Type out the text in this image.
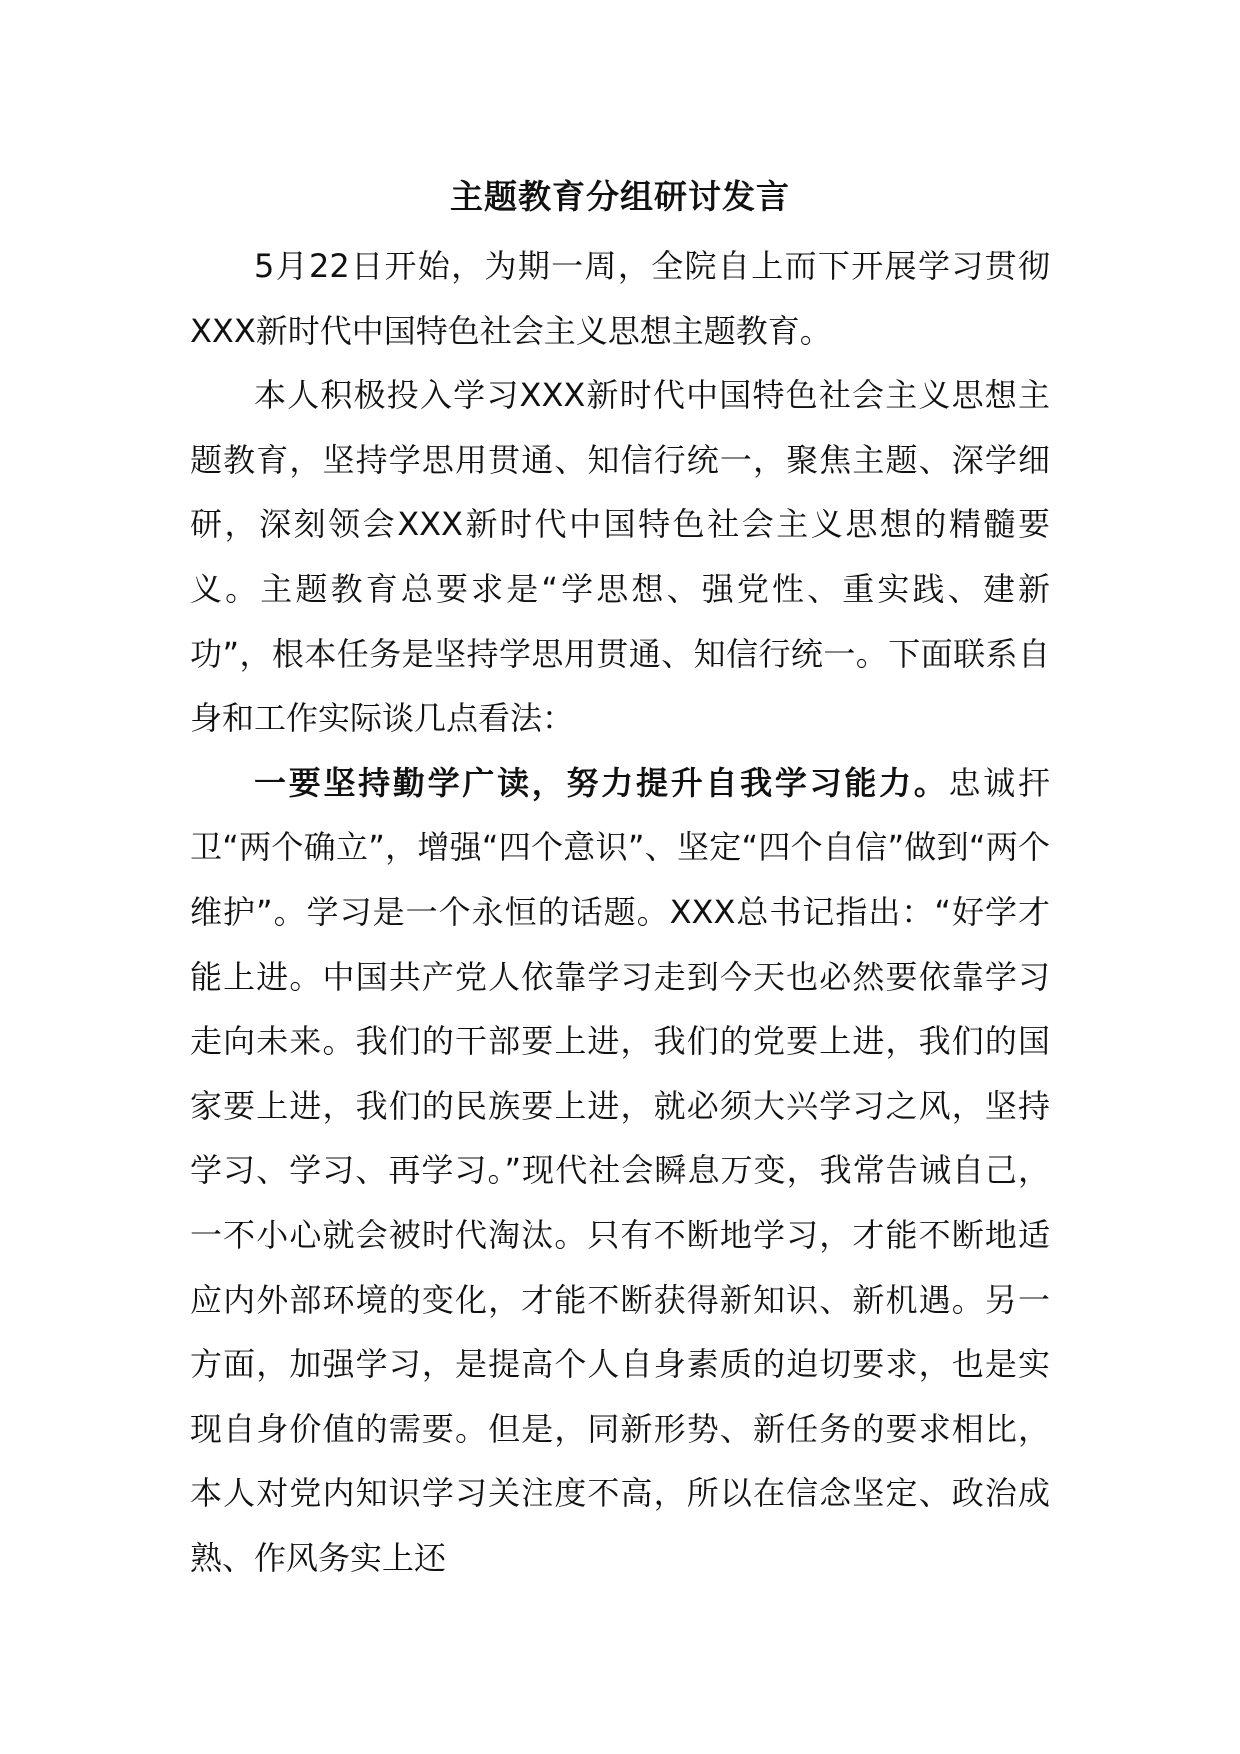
主题教育分组研讨发言

5月22日开始，为期一周，全院自上而下开展学习贯彻XXX新时代中国特色社会主义思想主题教育。

本人积极投入学习XXX新时代中国特色社会主义思想主题教育，坚持学思用贯通、知信行统一，聚焦主题、深学细研，深刻领会XXX新时代中国特色社会主义思想的精髓要义。主题教育总要求是“学思想、强党性、重实践、建新功”，根本任务是坚持学思用贯通、知信行统一。下面联系自身和工作实际谈几点看法：

一要坚持勤学广读，努力提升自我学习能力。忠诚扞卫“两个确立”，增强“四个意识”、坚定“四个自信”做到“两个维护”。学习是一个永恒的话题。XXX总书记指出：“好学才能上进。中国共产党人依靠学习走到今天也必然要依靠学习走向未来。我们的干部要上进，我们的党要上进，我们的国家要上进，我们的民族要上进，就必须大兴学习之风，坚持学习、学习、再学习。”现代社会瞬息万变，我常告诫自己，一不小心就会被时代淘汰。只有不断地学习，才能不断地适应内外部环境的变化，才能不断获得新知识、新机遇。另一方面，加强学习，是提高个人自身素质的迫切要求，也是实现自身价值的需要。但是，同新形势、新任务的要求相比，本人对党内知识学习关注度不高，所以在信念坚定、政治成熟、作风务实上还
